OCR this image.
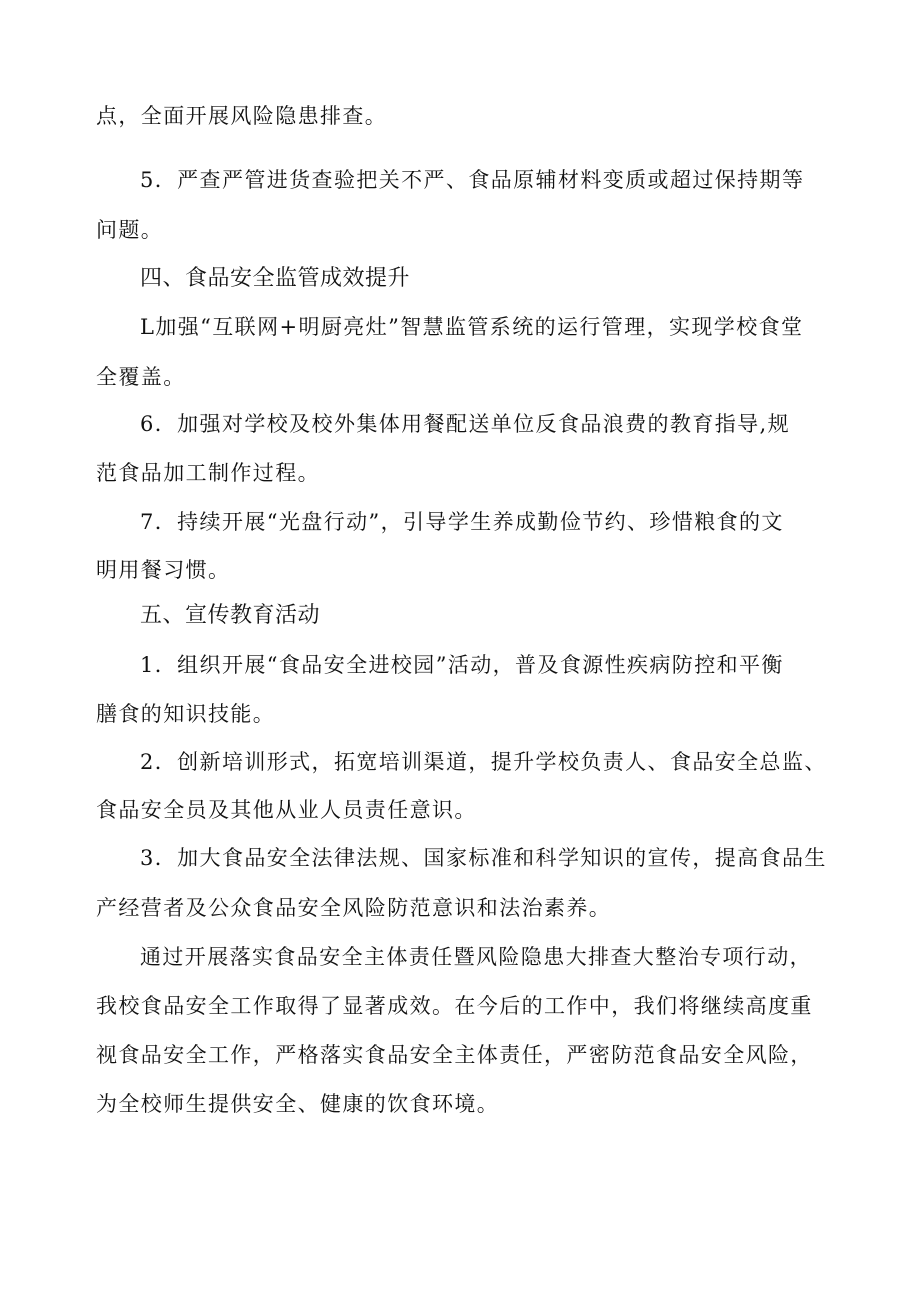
点，全面开展风险隐患排查。

5．严查严管进货查验把关不严、食品原辅材料变质或超过保持期等

问题。

四、食品安全监管成效提升

L加强“互联网+明厨亮灶”智慧监管系统的运行管理，实现学校食堂

全覆盖。

6．加强对学校及校外集体用餐配送单位反食品浪费的教育指导,规

范食品加工制作过程。

7．持续开展“光盘行动”，引导学生养成勤俭节约、珍惜粮食的文

明用餐习惯。

五、宣传教育活动

1．组织开展“食品安全进校园”活动，普及食源性疾病防控和平衡

膳食的知识技能。

2．创新培训形式，拓宽培训渠道，提升学校负责人、食品安全总监、

食品安全员及其他从业人员责任意识。

3．加大食品安全法律法规、国家标准和科学知识的宣传，提高食品生

产经营者及公众食品安全风险防范意识和法治素养。

通过开展落实食品安全主体责任暨风险隐患大排查大整治专项行动，

我校食品安全工作取得了显著成效。在今后的工作中，我们将继续高度重

视食品安全工作，严格落实食品安全主体责任，严密防范食品安全风险，

为全校师生提供安全、健康的饮食环境。
